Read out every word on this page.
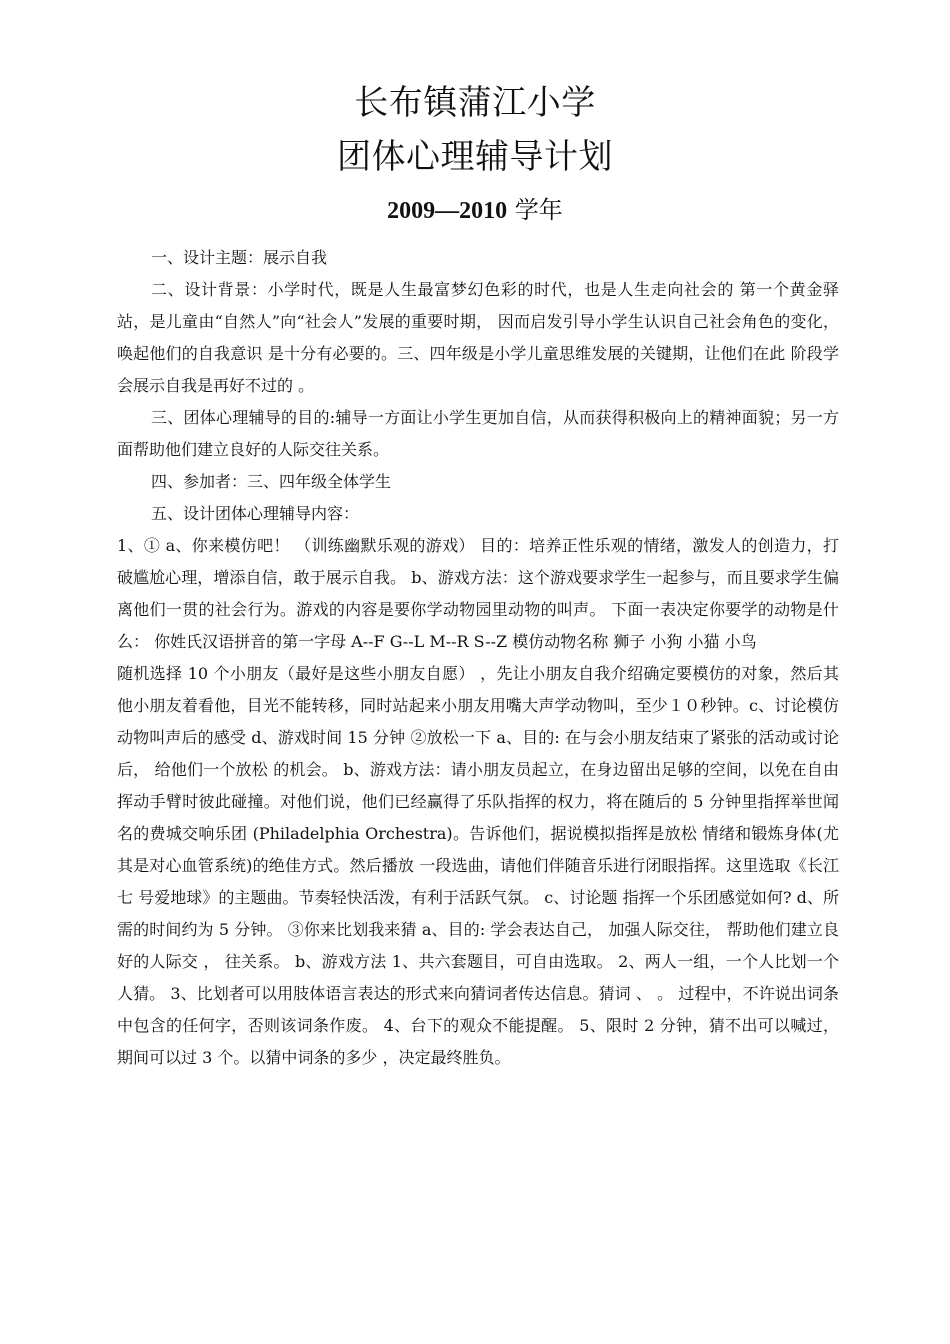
长布镇蒲江小学
团体心理辅导计划
2009—2010 学年

一、设计主题：展示自我

二、设计背景：小学时代，既是人生最富梦幻色彩的时代，也是人生走向社会的 第一个黄金驿站，是儿童由“自然人”向“社会人”发展的重要时期， 因而启发引导小学生认识自己社会角色的变化， 唤起他们的自我意识 是十分有必要的。三、四年级是小学儿童思维发展的关键期，让他们在此 阶段学会展示自我是再好不过的 。

三、团体心理辅导的目的:辅导一方面让小学生更加自信，从而获得积极向上的精神面貌；另一方面帮助他们建立良好的人际交往关系。

四、参加者：三、四年级全体学生

五、设计团体心理辅导内容：

1、① a、你来模仿吧！ （训练幽默乐观的游戏） 目的：培养正性乐观的情绪，激发人的创造力，打破尴尬心理，增添自信，敢于展示自我。 b、游戏方法：这个游戏要求学生一起参与，而且要求学生偏离他们一贯的社会行为。游戏的内容是要你学动物园里动物的叫声。 下面一表决定你要学的动物是什么： 你姓氏汉语拼音的第一字母 A--F G--L M--R S--Z 模仿动物名称 狮子 小狗 小猫 小鸟

随机选择 10 个小朋友（最好是这些小朋友自愿） ，先让小朋友自我介绍确定要模仿的对象，然后其他小朋友着看他，目光不能转移，同时站起来小朋友用嘴大声学动物叫，至少１０秒钟。c、讨论模仿动物叫声后的感受 d、游戏时间 15 分钟 ②放松一下 a、目的: 在与会小朋友结束了紧张的活动或讨论后， 给他们一个放松 的机会。 b、游戏方法：请小朋友员起立，在身边留出足够的空间，以免在自由挥动手臂时彼此碰撞。对他们说，他们已经赢得了乐队指挥的权力，将在随后的 5 分钟里指挥举世闻名的费城交响乐团 (Philadelphia Orchestra)。告诉他们，据说模拟指挥是放松 情绪和锻炼身体(尤其是对心血管系统)的绝佳方式。然后播放 一段选曲，请他们伴随音乐进行闭眼指挥。这里选取《长江七 号爱地球》的主题曲。节奏轻快活泼，有利于活跃气氛。 c、讨论题 指挥一个乐团感觉如何? d、所需的时间约为 5 分钟。 ③你来比划我来猜 a、目的: 学会表达自己， 加强人际交往， 帮助他们建立良好的人际交 ， 往关系。 b、游戏方法 1、共六套题目，可自由选取。 2、两人一组，一个人比划一个人猜。 3、比划者可以用肢体语言表达的形式来向猜词者传达信息。猜词 、 。 过程中，不许说出词条中包含的任何字，否则该词条作废。 4、台下的观众不能提醒。 5、限时 2 分钟，猜不出可以喊过，期间可以过 3 个。以猜中词条的多少 ，决定最终胜负。
